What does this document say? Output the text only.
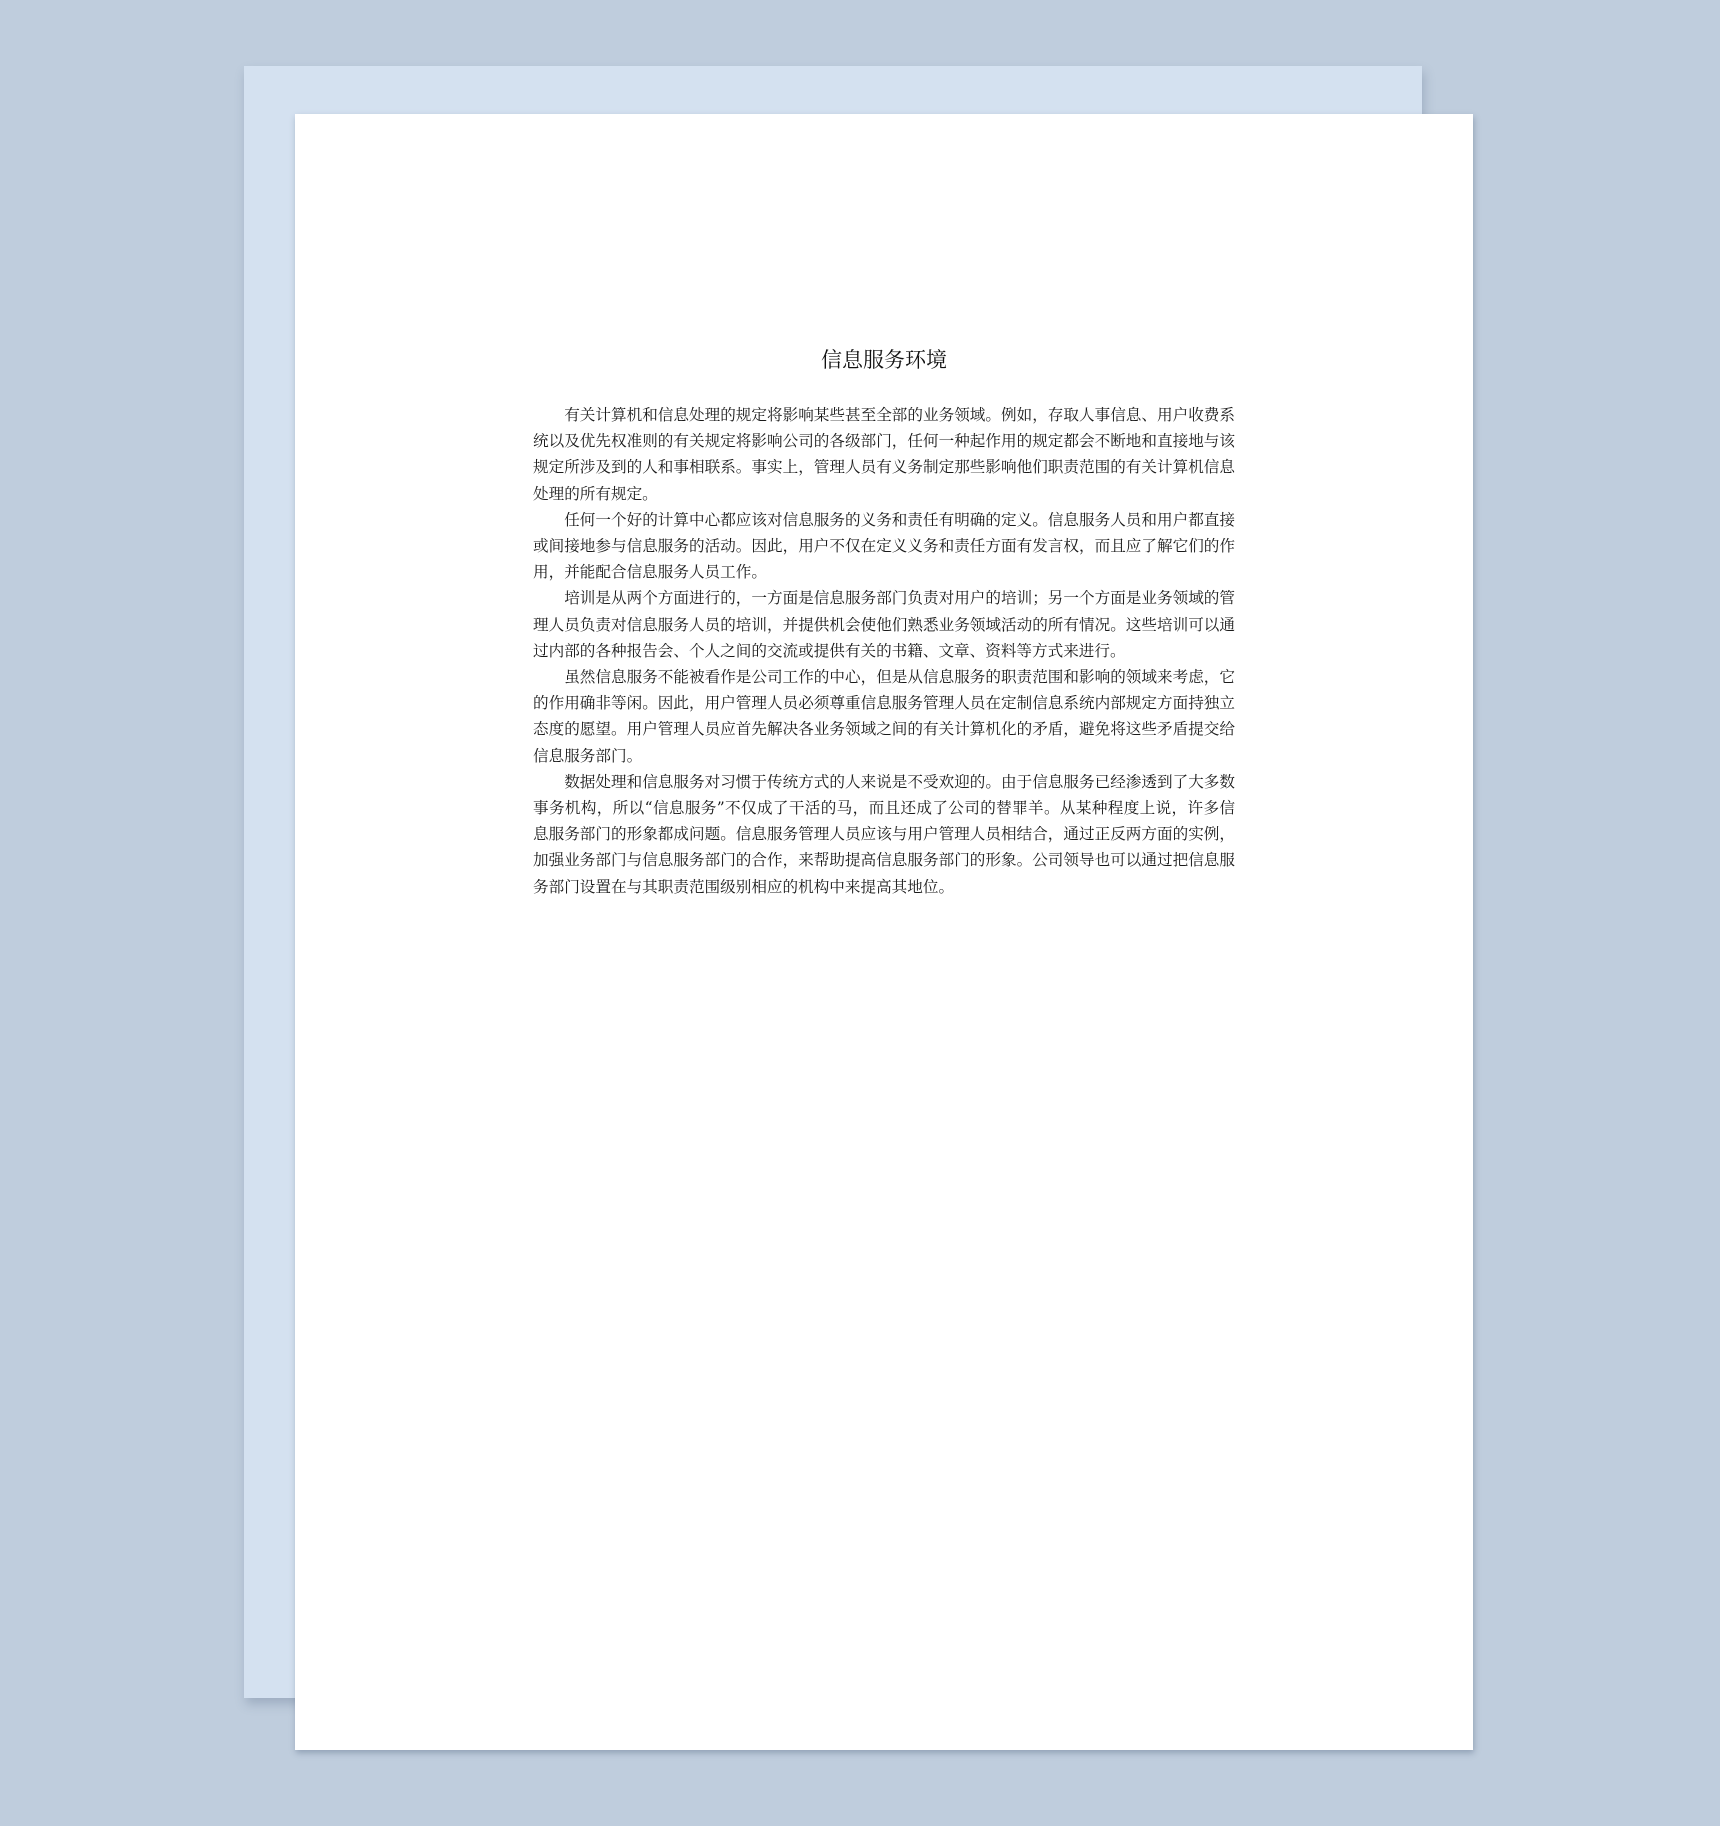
信息服务环境

有关计算机和信息处理的规定将影响某些甚至全部的业务领域。例如，存取人事信息、用户收费系统以及优先权准则的有关规定将影响公司的各级部门，任何一种起作用的规定都会不断地和直接地与该规定所涉及到的人和事相联系。事实上，管理人员有义务制定那些影响他们职责范围的有关计算机信息处理的所有规定。

任何一个好的计算中心都应该对信息服务的义务和责任有明确的定义。信息服务人员和用户都直接或间接地参与信息服务的活动。因此，用户不仅在定义义务和责任方面有发言权，而且应了解它们的作用，并能配合信息服务人员工作。

培训是从两个方面进行的，一方面是信息服务部门负责对用户的培训；另一个方面是业务领域的管理人员负责对信息服务人员的培训，并提供机会使他们熟悉业务领域活动的所有情况。这些培训可以通过内部的各种报告会、个人之间的交流或提供有关的书籍、文章、资料等方式来进行。

虽然信息服务不能被看作是公司工作的中心，但是从信息服务的职责范围和影响的领域来考虑，它的作用确非等闲。因此，用户管理人员必须尊重信息服务管理人员在定制信息系统内部规定方面持独立态度的愿望。用户管理人员应首先解决各业务领域之间的有关计算机化的矛盾，避免将这些矛盾提交给信息服务部门。

数据处理和信息服务对习惯于传统方式的人来说是不受欢迎的。由于信息服务已经渗透到了大多数事务机构，所以“信息服务”不仅成了干活的马，而且还成了公司的替罪羊。从某种程度上说，许多信息服务部门的形象都成问题。信息服务管理人员应该与用户管理人员相结合，通过正反两方面的实例，加强业务部门与信息服务部门的合作，来帮助提高信息服务部门的形象。公司领导也可以通过把信息服务部门设置在与其职责范围级别相应的机构中来提高其地位。
